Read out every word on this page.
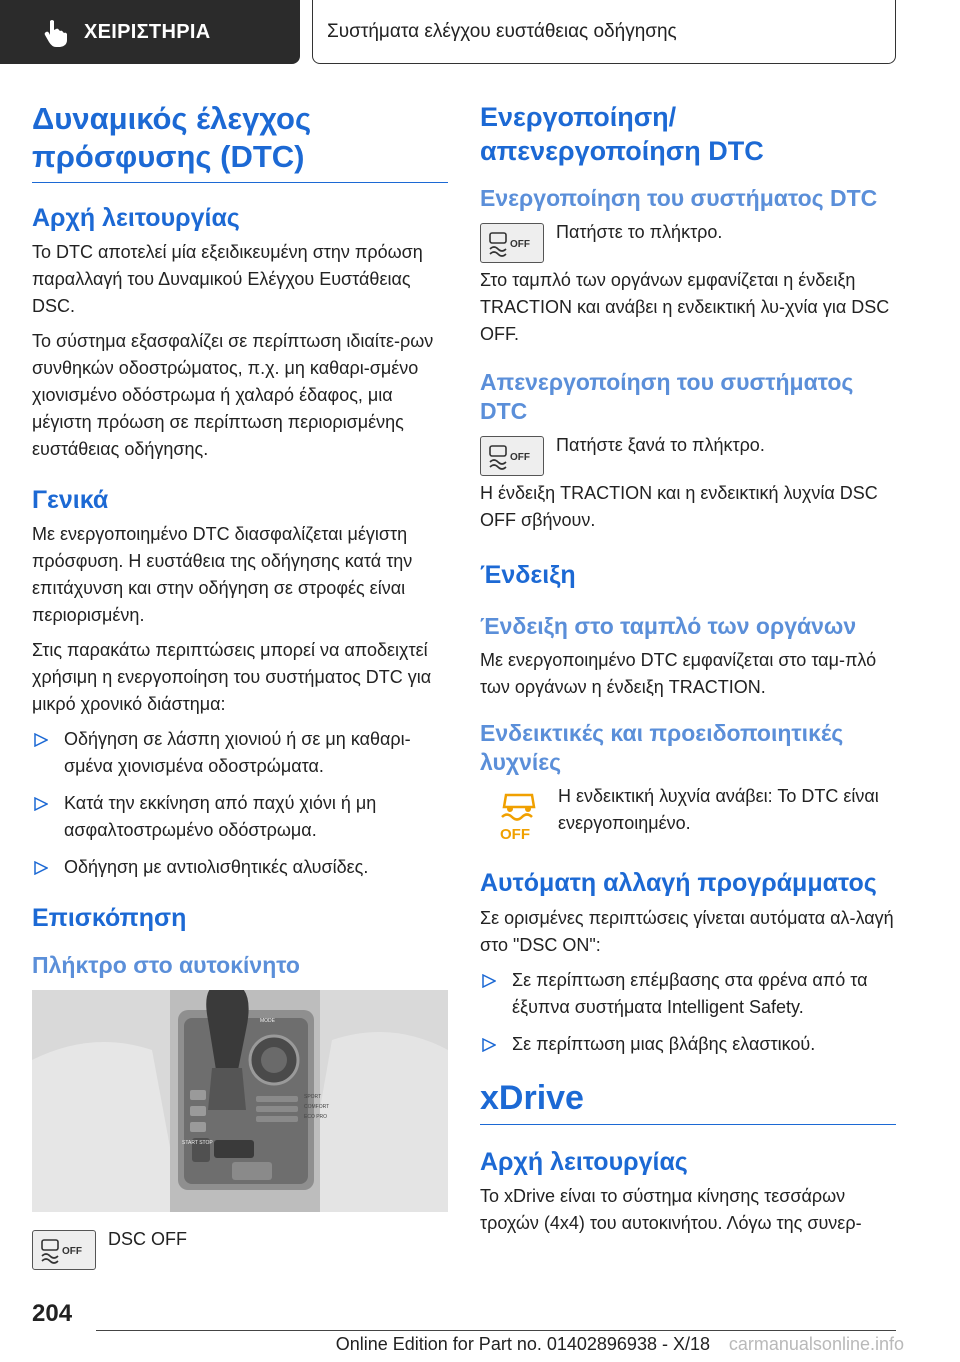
ΧΕΙΡΙΣΤΗΡΙΑ	Συστήματα ελέγχου ευστάθειας οδήγησης
Δυναμικός έλεγχος πρόσφυσης (DTC)
Αρχή λειτουργίας

Το DTC αποτελεί μία εξειδικευμένη στην πρόωση παραλλαγή του Δυναμικού Ελέγχου Ευστάθειας DSC.

Το σύστημα εξασφαλίζει σε περίπτωση ιδιαίτε-ρων συνθηκών οδοστρώματος, π.χ. μη καθαρι-σμένο χιονισμένο οδόστρωμα ή χαλαρό έδαφος, μια μέγιστη πρόωση σε περίπτωση περιορισμένης ευστάθειας οδήγησης.

Γενικά

Με ενεργοποιημένο DTC διασφαλίζεται μέγιστη πρόσφυση. Η ευστάθεια της οδήγησης κατά την επιτάχυνση και στην οδήγηση σε στροφές είναι περιορισμένη.

Στις παρακάτω περιπτώσεις μπορεί να αποδειχτεί χρήσιμη η ενεργοποίηση του συστήματος DTC για μικρό χρονικό διάστημα:

Οδήγηση σε λάσπη χιονιού ή σε μη καθαρι-σμένα χιονισμένα οδοστρώματα.
Κατά την εκκίνηση από παχύ χιόνι ή μη ασφαλτοστρωμένο οδόστρωμα.
Οδήγηση με αντιολισθητικές αλυσίδες.
Επισκόπηση
Πλήκτρο στο αυτοκίνητο
START STOP
MODE
SPORT
COMFORT
ECO PRO
OFF

DSC OFF

Ενεργοποίηση/απενεργοποίηση DTC
Ενεργοποίηση του συστήματος DTC
OFF

Πατήστε το πλήκτρο.

Στο ταμπλό των οργάνων εμφανίζεται η ένδειξη TRACTION και ανάβει η ενδεικτική λυ-χνία για DSC OFF.

Απενεργοποίηση του συστήματος DTC
OFF

Πατήστε ξανά το πλήκτρο.

Η ένδειξη TRACTION και η ενδεικτική λυχνία DSC OFF σβήνουν.

Ένδειξη
Ένδειξη στο ταμπλό των οργάνων

Με ενεργοποιημένο DTC εμφανίζεται στο ταμ-πλό των οργάνων η ένδειξη TRACTION.

Ενδεικτικές και προειδοποιητικές λυχνίες
OFF

Η ενδεικτική λυχνία ανάβει: Το DTC είναι ενεργοποιημένο.

Αυτόματη αλλαγή προγράμματος

Σε ορισμένες περιπτώσεις γίνεται αυτόματα αλ-λαγή στο "DSC ON":

Σε περίπτωση επέμβασης στα φρένα από τα έξυπνα συστήματα Intelligent Safety.
Σε περίπτωση μιας βλάβης ελαστικού.
xDrive
Αρχή λειτουργίας

Το xDrive είναι το σύστημα κίνησης τεσσάρων τροχών (4x4) του αυτοκινήτου. Λόγω της συνερ-

204
Online Edition for Part no. 01402896938 - X/18 carmanualsonline.info
